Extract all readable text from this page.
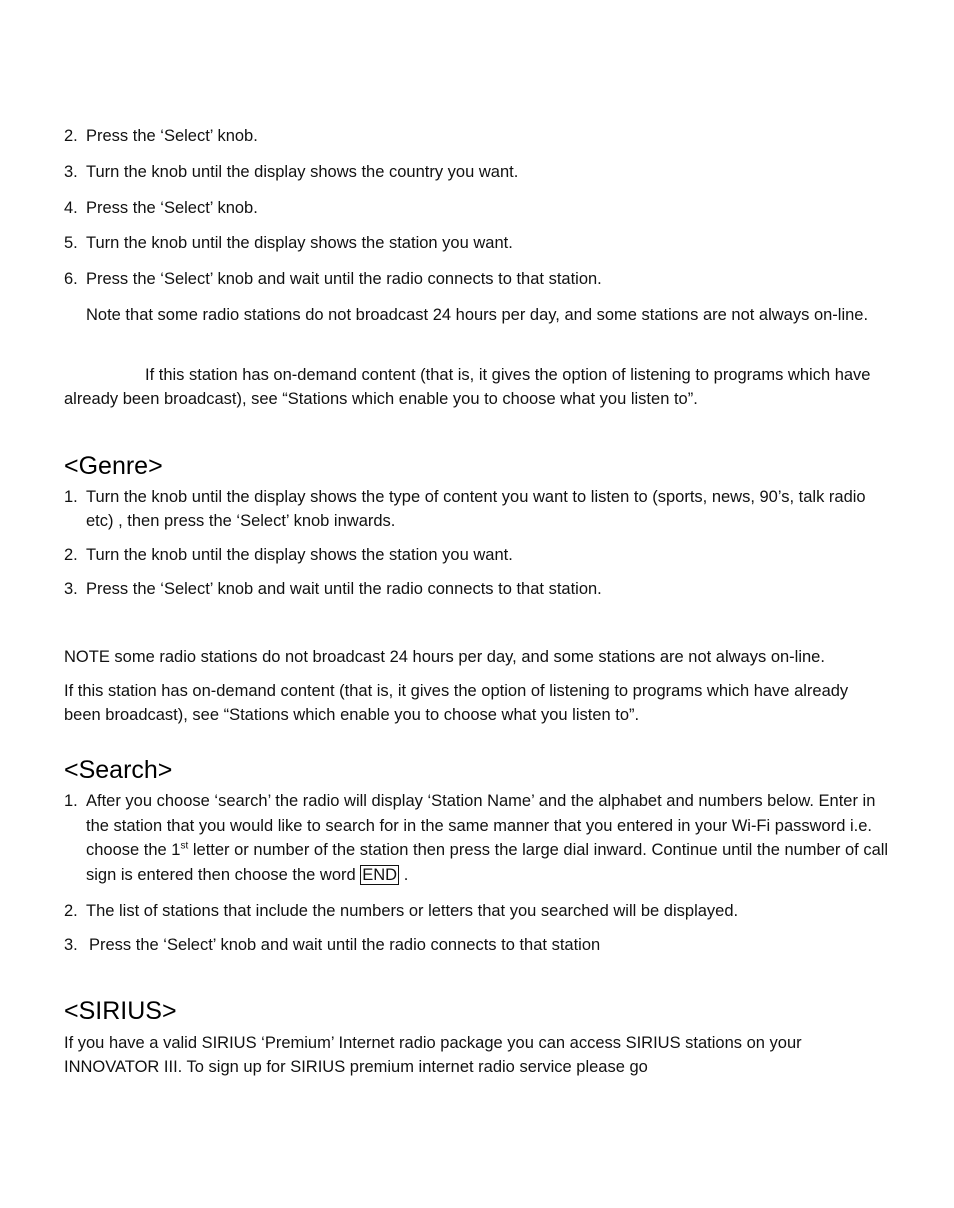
2. Press the ‘Select’ knob.
3. Turn the knob until the display shows the country you want.
4. Press the ‘Select’ knob.
5. Turn the knob until the display shows the station you want.
6. Press the ‘Select’ knob and wait until the radio connects to that station.

Note that some radio stations do not broadcast 24 hours per day, and some stations are not always on-line.

If this station has on-demand content (that is, it gives the option of listening to programs which have already been broadcast), see “Stations which enable you to choose what you listen to”.

<Genre>
1. Turn the knob until the display shows the type of content you want to listen to (sports, news, 90’s, talk radio etc) , then press the ‘Select’ knob inwards.
2. Turn the knob until the display shows the station you want.
3. Press the ‘Select’ knob and wait until the radio connects to that station.

NOTE some radio stations do not broadcast 24 hours per day, and some stations are not always on-line.

If this station has on-demand content (that is, it gives the option of listening to programs which have already been broadcast), see “Stations which enable you to choose what you listen to”.

<Search>
1. After you choose ‘search’ the radio will display ‘Station Name’ and the alphabet and numbers below. Enter in the station that you would like to search for in the same manner that you entered in your Wi-Fi password i.e. choose the 1st letter or number of the station then press the large dial inward. Continue until the number of call sign is entered then choose the word END .
2. The list of stations that include the numbers or letters that you searched will be displayed.
3. Press the ‘Select’ knob and wait until the radio connects to that station
<SIRIUS>

If you have a valid SIRIUS ‘Premium’ Internet radio package you can access SIRIUS stations on your INNOVATOR III. To sign up for SIRIUS premium internet radio service please go
